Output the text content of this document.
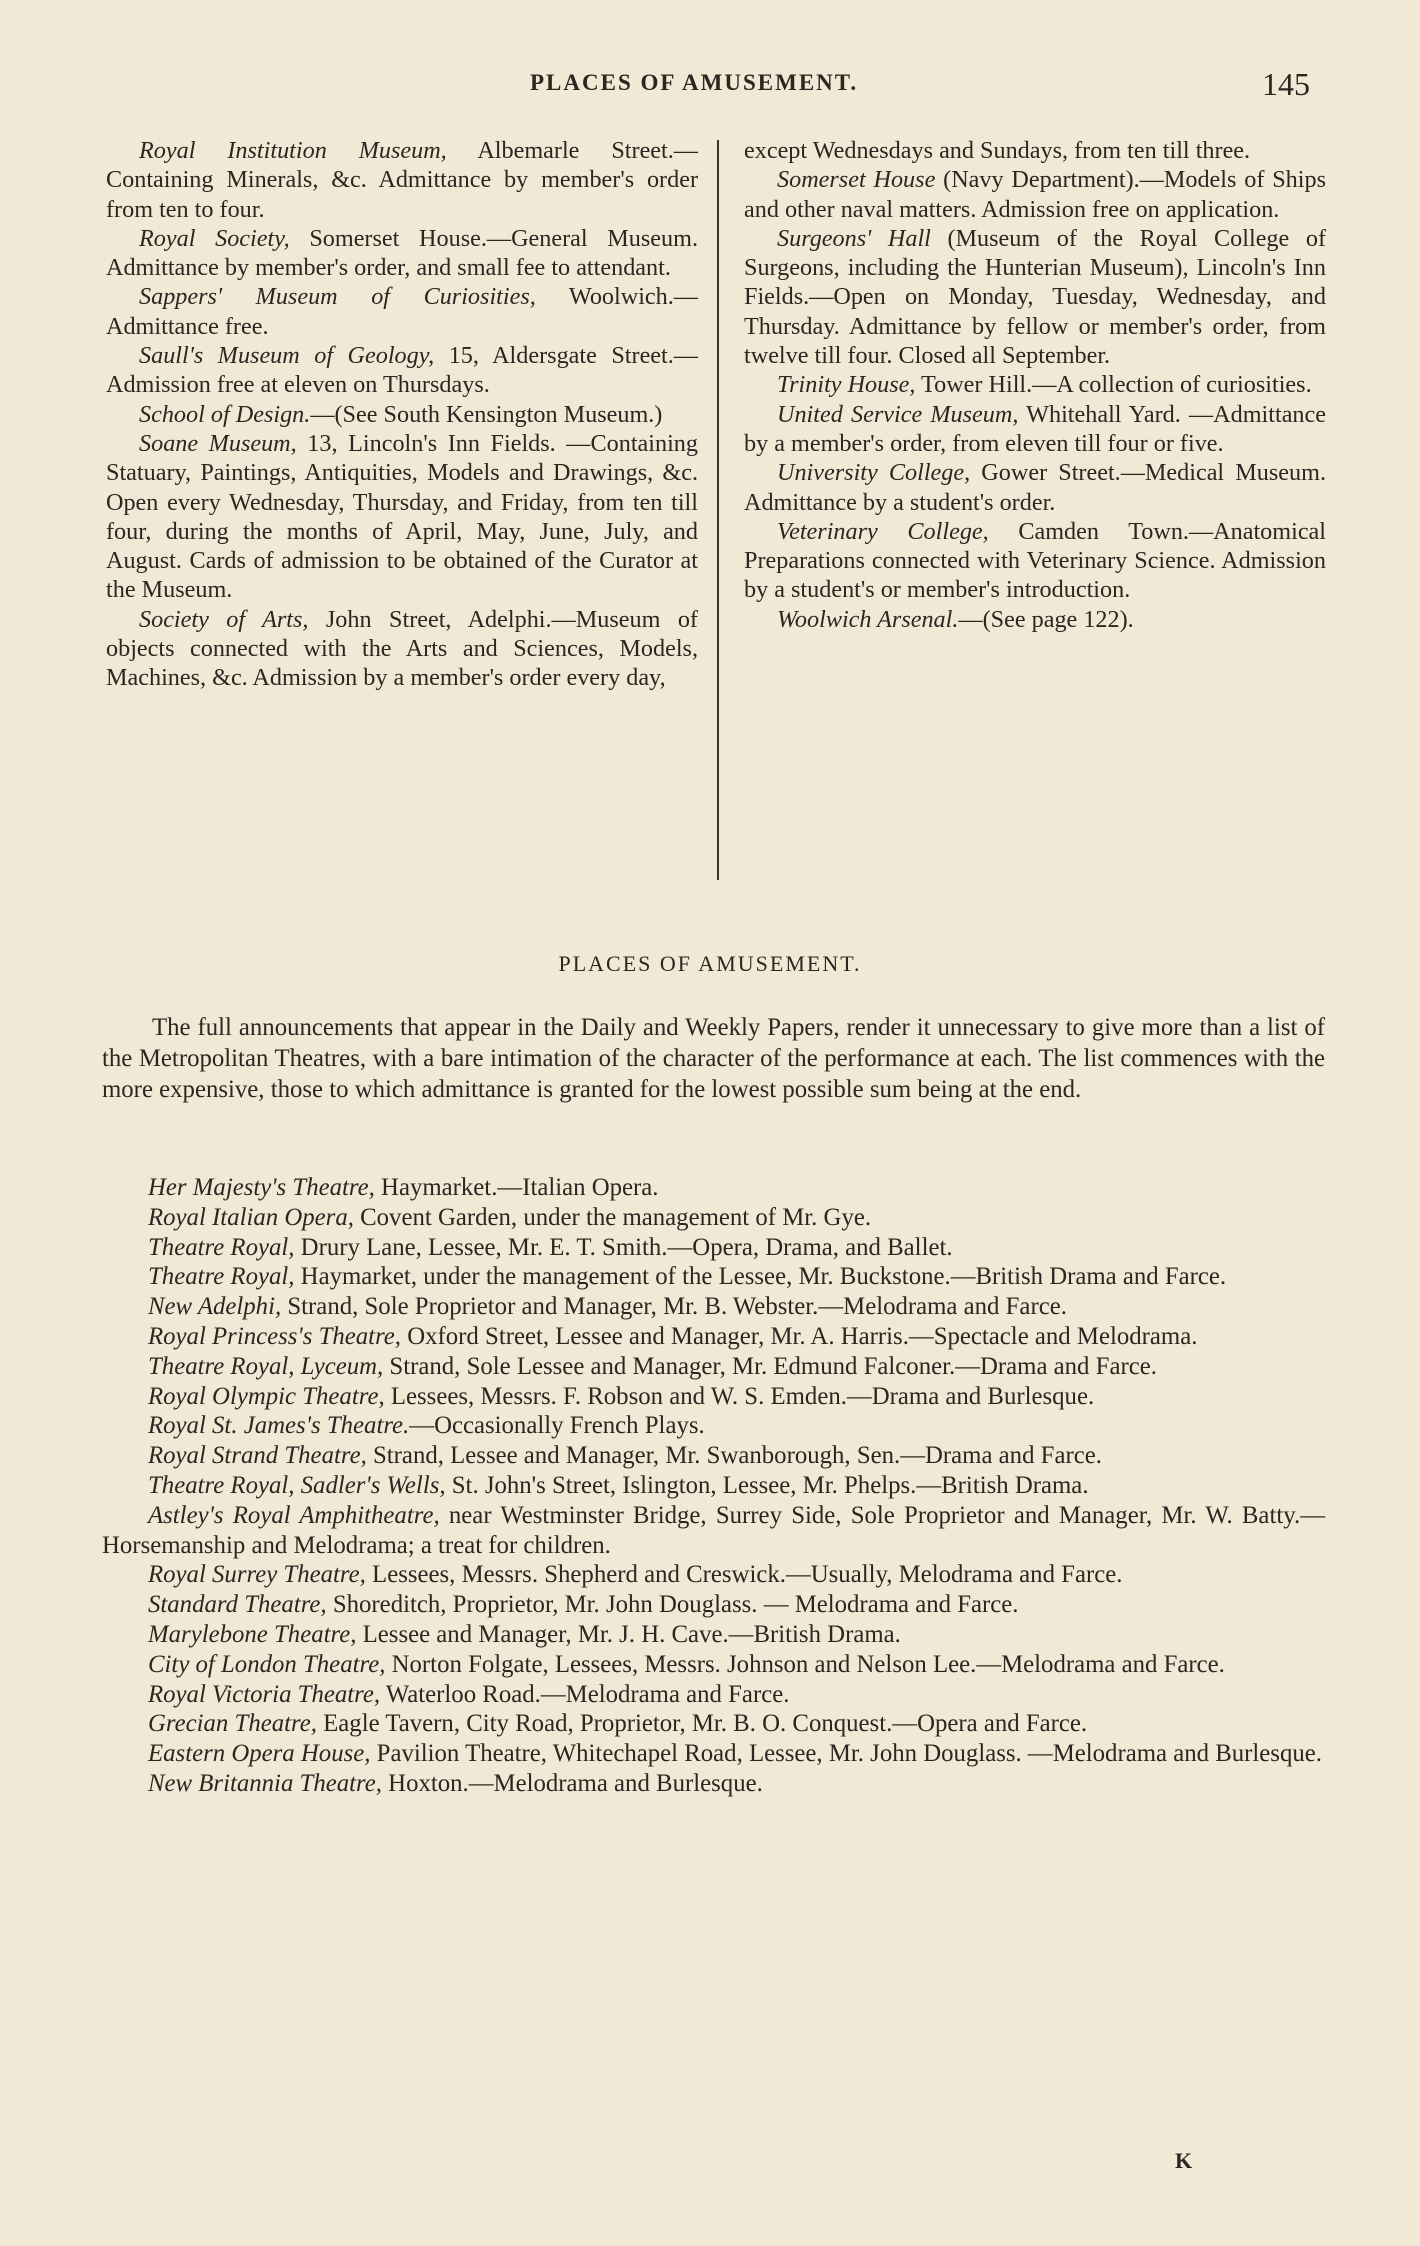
PLACES OF AMUSEMENT.	145

Royal Institution Museum, Albemarle Street.—Containing Minerals, &c. Admittance by member's order from ten to four.

Royal Society, Somerset House.—General Museum. Admittance by member's order, and small fee to attendant.

Sappers' Museum of Curiosities, Woolwich.—Admittance free.

Saull's Museum of Geology, 15, Aldersgate Street.—Admission free at eleven on Thursdays.

School of Design.—(See South Kensington Museum.)

Soane Museum, 13, Lincoln's Inn Fields. —Containing Statuary, Paintings, Antiquities, Models and Drawings, &c. Open every Wednesday, Thursday, and Friday, from ten till four, during the months of April, May, June, July, and August. Cards of admission to be obtained of the Curator at the Museum.

Society of Arts, John Street, Adelphi.—Museum of objects connected with the Arts and Sciences, Models, Machines, &c. Admission by a member's order every day,

except Wednesdays and Sundays, from ten till three.

Somerset House (Navy Department).—Models of Ships and other naval matters. Admission free on application.

Surgeons' Hall (Museum of the Royal College of Surgeons, including the Hunterian Museum), Lincoln's Inn Fields.—Open on Monday, Tuesday, Wednesday, and Thursday. Admittance by fellow or member's order, from twelve till four. Closed all September.

Trinity House, Tower Hill.—A collection of curiosities.

United Service Museum, Whitehall Yard. —Admittance by a member's order, from eleven till four or five.

University College, Gower Street.—Medical Museum. Admittance by a student's order.

Veterinary College, Camden Town.—Anatomical Preparations connected with Veterinary Science. Admission by a student's or member's introduction.

Woolwich Arsenal.—(See page 122).

PLACES OF AMUSEMENT.

The full announcements that appear in the Daily and Weekly Papers, render it unnecessary to give more than a list of the Metropolitan Theatres, with a bare intimation of the character of the performance at each. The list commences with the more expensive, those to which admittance is granted for the lowest possible sum being at the end.

Her Majesty's Theatre, Haymarket.—Italian Opera.

Royal Italian Opera, Covent Garden, under the management of Mr. Gye.

Theatre Royal, Drury Lane, Lessee, Mr. E. T. Smith.—Opera, Drama, and Ballet.

Theatre Royal, Haymarket, under the management of the Lessee, Mr. Buckstone.—British Drama and Farce.

New Adelphi, Strand, Sole Proprietor and Manager, Mr. B. Webster.—Melodrama and Farce.

Royal Princess's Theatre, Oxford Street, Lessee and Manager, Mr. A. Harris.—Spectacle and Melodrama.

Theatre Royal, Lyceum, Strand, Sole Lessee and Manager, Mr. Edmund Falconer.—Drama and Farce.

Royal Olympic Theatre, Lessees, Messrs. F. Robson and W. S. Emden.—Drama and Burlesque.

Royal St. James's Theatre.—Occasionally French Plays.

Royal Strand Theatre, Strand, Lessee and Manager, Mr. Swanborough, Sen.—Drama and Farce.

Theatre Royal, Sadler's Wells, St. John's Street, Islington, Lessee, Mr. Phelps.—British Drama.

Astley's Royal Amphitheatre, near Westminster Bridge, Surrey Side, Sole Proprietor and Manager, Mr. W. Batty.—Horsemanship and Melodrama; a treat for children.

Royal Surrey Theatre, Lessees, Messrs. Shepherd and Creswick.—Usually, Melodrama and Farce.

Standard Theatre, Shoreditch, Proprietor, Mr. John Douglass. — Melodrama and Farce.

Marylebone Theatre, Lessee and Manager, Mr. J. H. Cave.—British Drama.

City of London Theatre, Norton Folgate, Lessees, Messrs. Johnson and Nelson Lee.—Melodrama and Farce.

Royal Victoria Theatre, Waterloo Road.—Melodrama and Farce.

Grecian Theatre, Eagle Tavern, City Road, Proprietor, Mr. B. O. Conquest.—Opera and Farce.

Eastern Opera House, Pavilion Theatre, Whitechapel Road, Lessee, Mr. John Douglass. —Melodrama and Burlesque.

New Britannia Theatre, Hoxton.—Melodrama and Burlesque.

K
